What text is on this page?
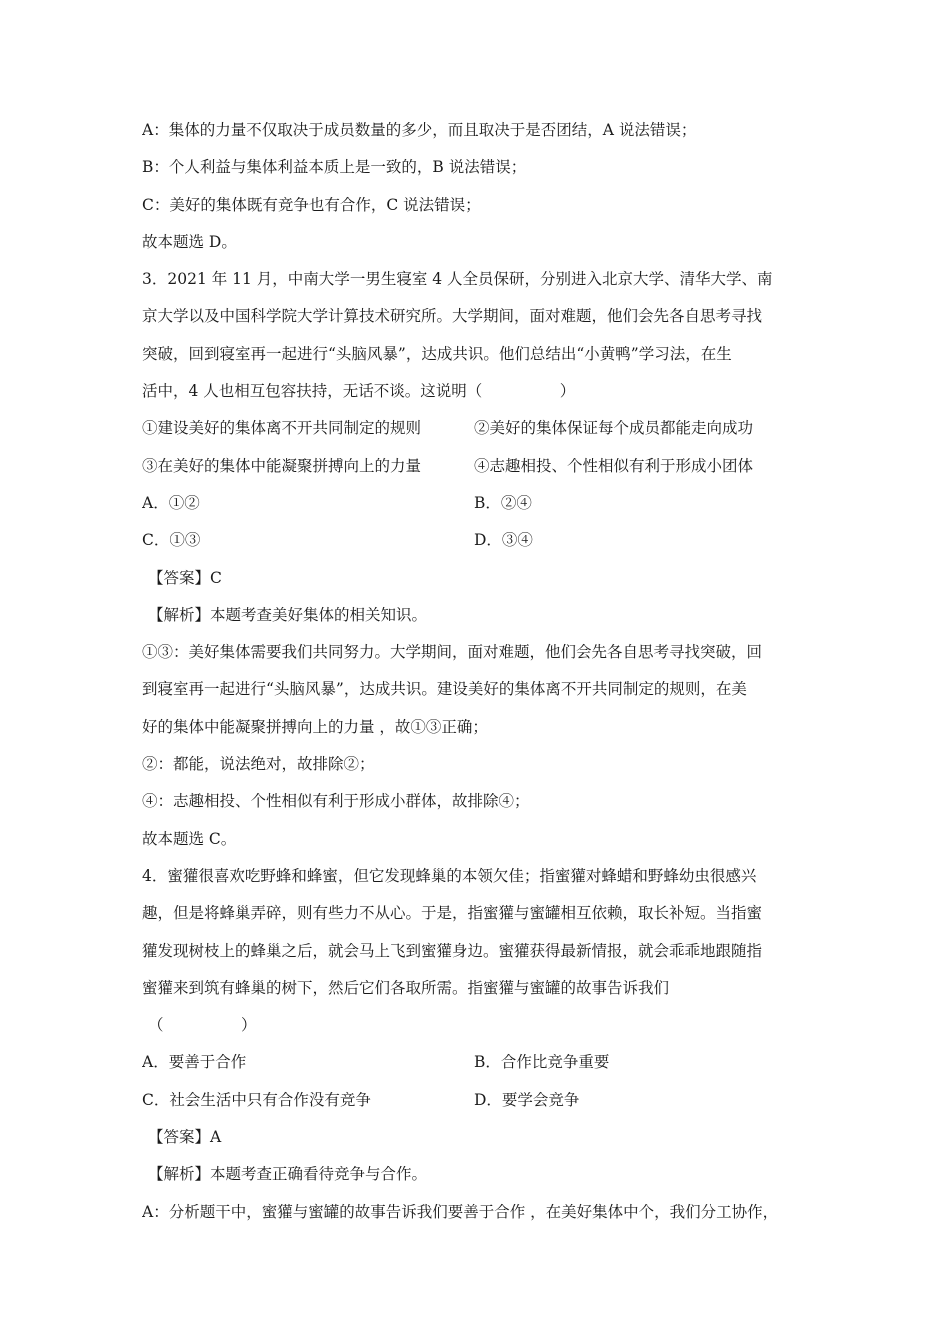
A：集体的力量不仅取决于成员数量的多少，而且取决于是否团结，A 说法错误；
B：个人利益与集体利益本质上是一致的，B 说法错误；
C：美好的集体既有竞争也有合作，C 说法错误；
故本题选 D。
3．2021 年 11 月，中南大学一男生寝室 4 人全员保研，分别进入北京大学、清华大学、南
京大学以及中国科学院大学计算技术研究所。大学期间，面对难题，他们会先各自思考寻找
突破，回到寝室再一起进行“头脑风暴”，达成共识。他们总结出“小黄鸭”学习法，在生
活中，4 人也相互包容扶持，无话不谈。这说明（　　　　　）
①建设美好的集体离不开共同制定的规则	②美好的集体保证每个成员都能走向成功
③在美好的集体中能凝聚拼搏向上的力量	④志趣相投、个性相似有利于形成小团体
A．①②	B．②④
C．①③	D．③④
【答案】C
【解析】本题考查美好集体的相关知识。
①③：美好集体需要我们共同努力。大学期间，面对难题，他们会先各自思考寻找突破，回
到寝室再一起进行“头脑风暴”，达成共识。建设美好的集体离不开共同制定的规则，在美
好的集体中能凝聚拼搏向上的力量 ，故①③正确；
②：都能，说法绝对，故排除②；
④：志趣相投、个性相似有利于形成小群体，故排除④；
故本题选 C。
4．蜜獾很喜欢吃野蜂和蜂蜜，但它发现蜂巢的本领欠佳；指蜜獾对蜂蜡和野蜂幼虫很感兴
趣，但是将蜂巢弄碎，则有些力不从心。于是，指蜜獾与蜜罐相互依赖，取长补短。当指蜜
獾发现树枝上的蜂巢之后，就会马上飞到蜜獾身边。蜜獾获得最新情报，就会乖乖地跟随指
蜜獾来到筑有蜂巢的树下，然后它们各取所需。指蜜獾与蜜罐的故事告诉我们
（　　　　　）
A．要善于合作	B．合作比竞争重要
C．社会生活中只有合作没有竞争	D．要学会竞争
【答案】A
【解析】本题考查正确看待竞争与合作。
A：分析题干中，蜜獾与蜜罐的故事告诉我们要善于合作 ，在美好集体中个，我们分工协作，
